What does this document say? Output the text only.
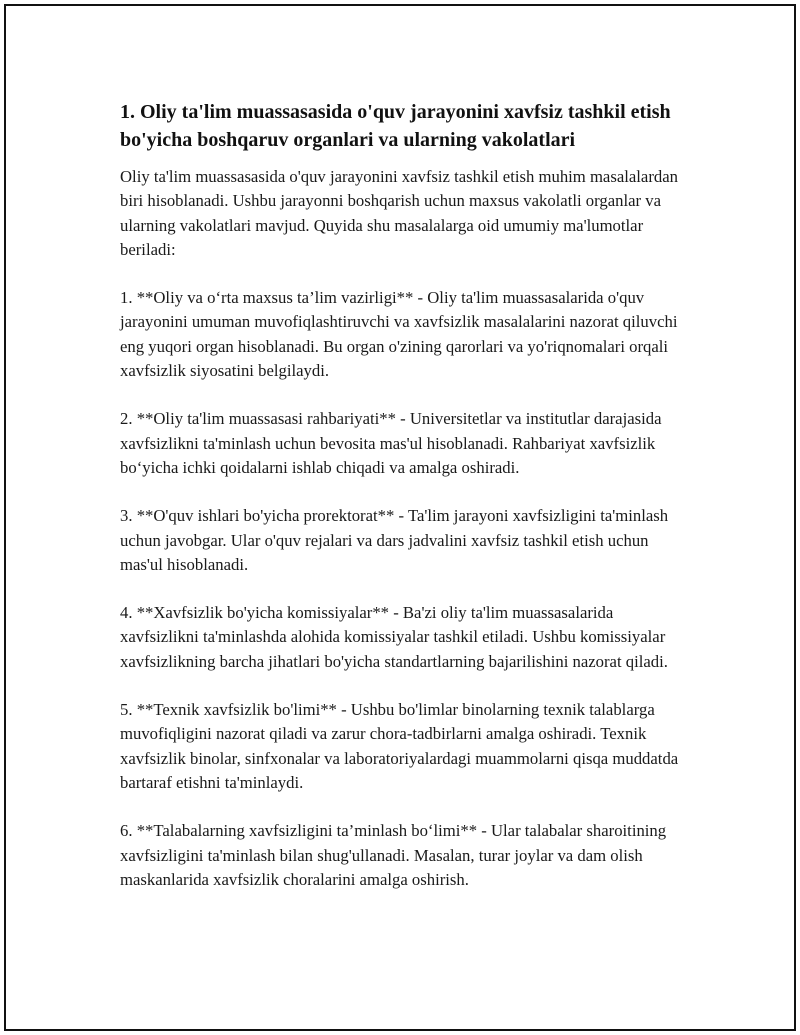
1. Oliy ta'lim muassasasida o'quv jarayonini xavfsiz tashkil etish bo'yicha boshqaruv organlari va ularning vakolatlari

Oliy ta'lim muassasasida o'quv jarayonini xavfsiz tashkil etish muhim masalalardan biri hisoblanadi. Ushbu jarayonni boshqarish uchun maxsus vakolatli organlar va ularning vakolatlari mavjud. Quyida shu masalalarga oid umumiy ma'lumotlar beriladi:

1. **Oliy va o‘rta maxsus ta’lim vazirligi** - Oliy ta'lim muassasalarida o'quv jarayonini umuman muvofiqlashtiruvchi va xavfsizlik masalalarini nazorat qiluvchi eng yuqori organ hisoblanadi. Bu organ o'zining qarorlari va yo'riqnomalari orqali xavfsizlik siyosatini belgilaydi.

2. **Oliy ta'lim muassasasi rahbariyati** - Universitetlar va institutlar darajasida xavfsizlikni ta'minlash uchun bevosita mas'ul hisoblanadi. Rahbariyat xavfsizlik bo‘yicha ichki qoidalarni ishlab chiqadi va amalga oshiradi.

3. **O'quv ishlari bo'yicha prorektorat** - Ta'lim jarayoni xavfsizligini ta'minlash uchun javobgar. Ular o'quv rejalari va dars jadvalini xavfsiz tashkil etish uchun mas'ul hisoblanadi.

4. **Xavfsizlik bo'yicha komissiyalar** - Ba'zi oliy ta'lim muassasalarida xavfsizlikni ta'minlashda alohida komissiyalar tashkil etiladi. Ushbu komissiyalar xavfsizlikning barcha jihatlari bo'yicha standartlarning bajarilishini nazorat qiladi.

5. **Texnik xavfsizlik bo'limi** - Ushbu bo'limlar binolarning texnik talablarga muvofiqligini nazorat qiladi va zarur chora-tadbirlarni amalga oshiradi. Texnik xavfsizlik binolar, sinfxonalar va laboratoriyalardagi muammolarni qisqa muddatda bartaraf etishni ta'minlaydi.

6. **Talabalarning xavfsizligini ta’minlash bo‘limi** - Ular talabalar sharoitining xavfsizligini ta'minlash bilan shug'ullanadi. Masalan, turar joylar va dam olish maskanlarida xavfsizlik choralarini amalga oshirish.
